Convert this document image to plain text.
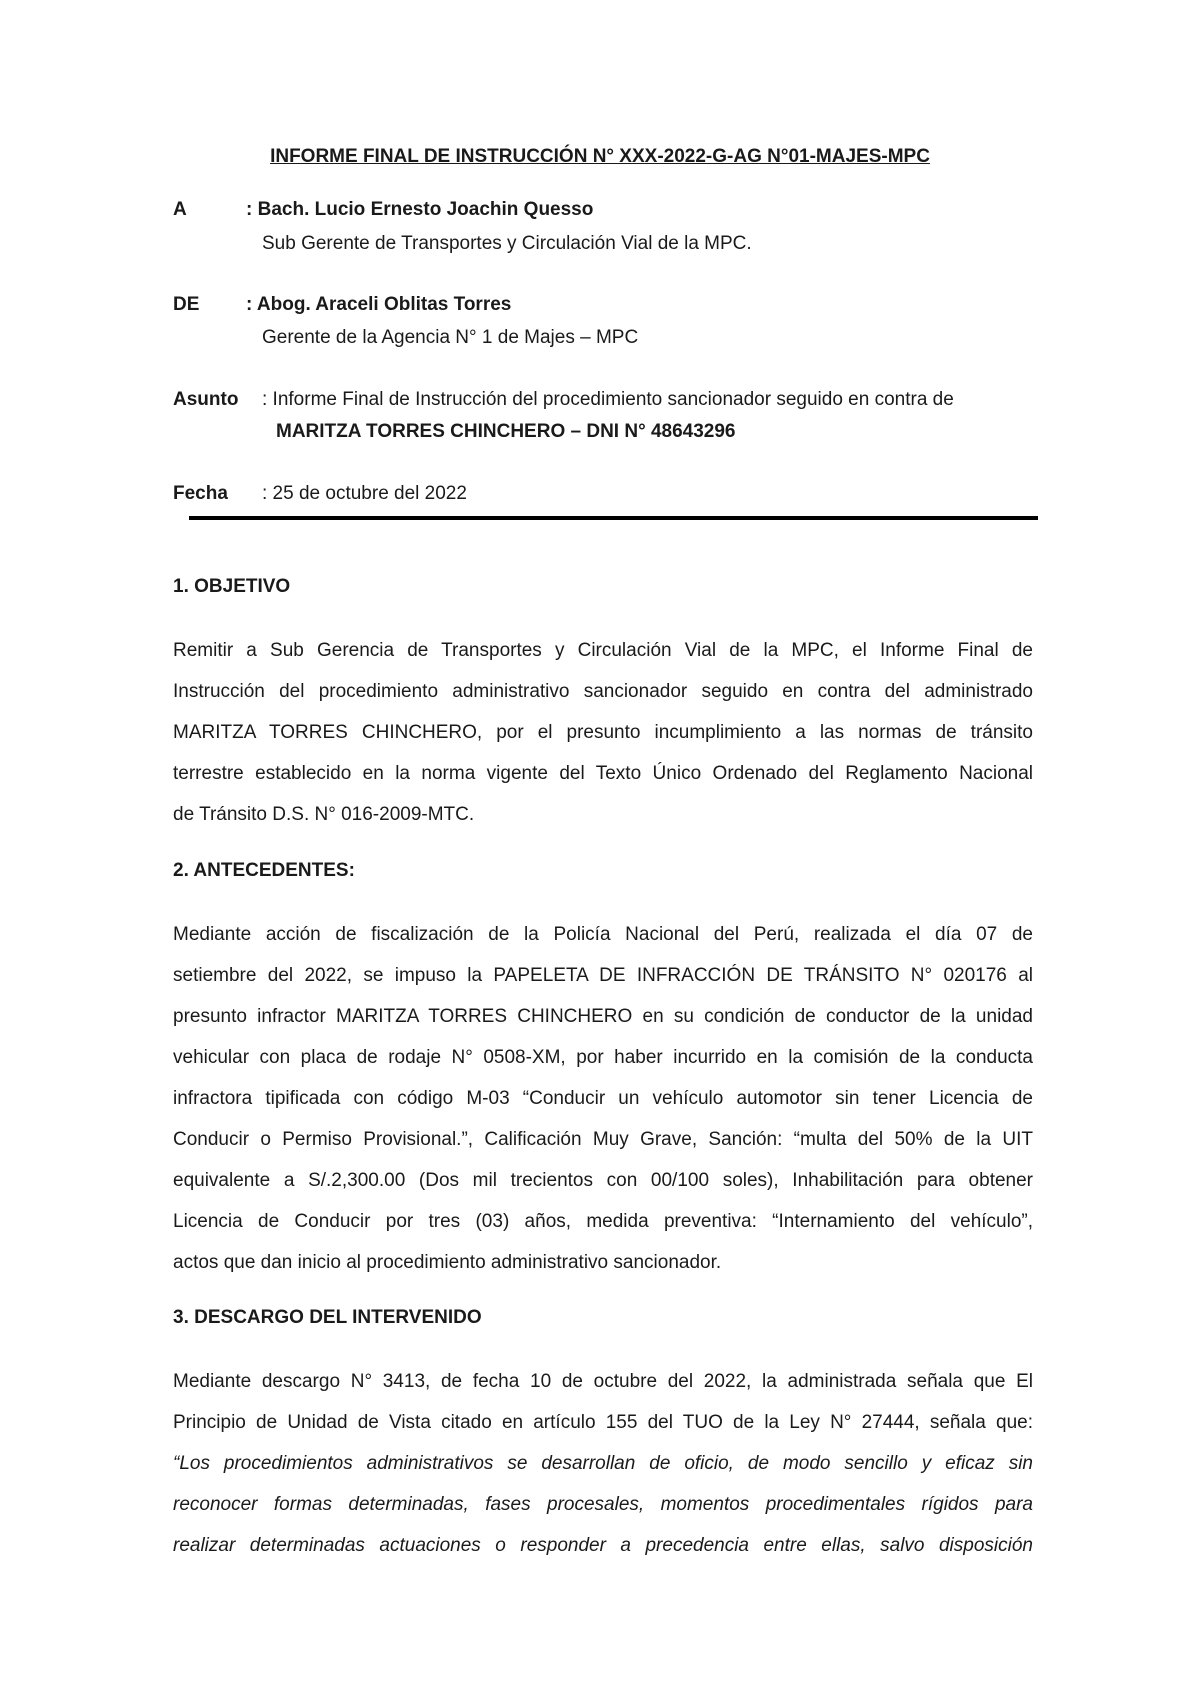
INFORME FINAL DE INSTRUCCIÓN N° XXX-2022-G-AG N°01-MAJES-MPC
A	: Bach. Lucio Ernesto Joachin Quesso
Sub Gerente de Transportes y Circulación Vial de la MPC.
DE : Abog. Araceli Oblitas Torres
Gerente de la Agencia N° 1 de Majes – MPC
Asunto : Informe Final de Instrucción del procedimiento sancionador seguido en contra de
MARITZA TORRES CHINCHERO – DNI N° 48643296
Fecha : 25 de octubre del 2022
1. OBJETIVO
Remitir a Sub Gerencia de Transportes y Circulación Vial de la MPC, el Informe Final de
Instrucción del procedimiento administrativo sancionador seguido en contra del administrado
MARITZA TORRES CHINCHERO, por el presunto incumplimiento a las normas de tránsito
terrestre establecido en la norma vigente del Texto Único Ordenado del Reglamento Nacional
de Tránsito D.S. N° 016-2009-MTC.
2. ANTECEDENTES:
Mediante acción de fiscalización de la Policía Nacional del Perú, realizada el día 07 de
setiembre del 2022, se impuso la PAPELETA DE INFRACCIÓN DE TRÁNSITO N° 020176 al
presunto infractor MARITZA TORRES CHINCHERO en su condición de conductor de la unidad
vehicular con placa de rodaje N° 0508-XM, por haber incurrido en la comisión de la conducta
infractora tipificada con código M-03 “Conducir un vehículo automotor sin tener Licencia de
Conducir o Permiso Provisional.”, Calificación Muy Grave, Sanción: “multa del 50% de la UIT
equivalente a S/.2,300.00 (Dos mil trecientos con 00/100 soles), Inhabilitación para obtener
Licencia de Conducir por tres (03) años, medida preventiva: “Internamiento del vehículo”,
actos que dan inicio al procedimiento administrativo sancionador.
3. DESCARGO DEL INTERVENIDO
Mediante descargo N° 3413, de fecha 10 de octubre del 2022, la administrada señala que El
Principio de Unidad de Vista citado en artículo 155 del TUO de la Ley N° 27444, señala que:
“Los procedimientos administrativos se desarrollan de oficio, de modo sencillo y eficaz sin
reconocer formas determinadas, fases procesales, momentos procedimentales rígidos para
realizar determinadas actuaciones o responder a precedencia entre ellas, salvo disposición
